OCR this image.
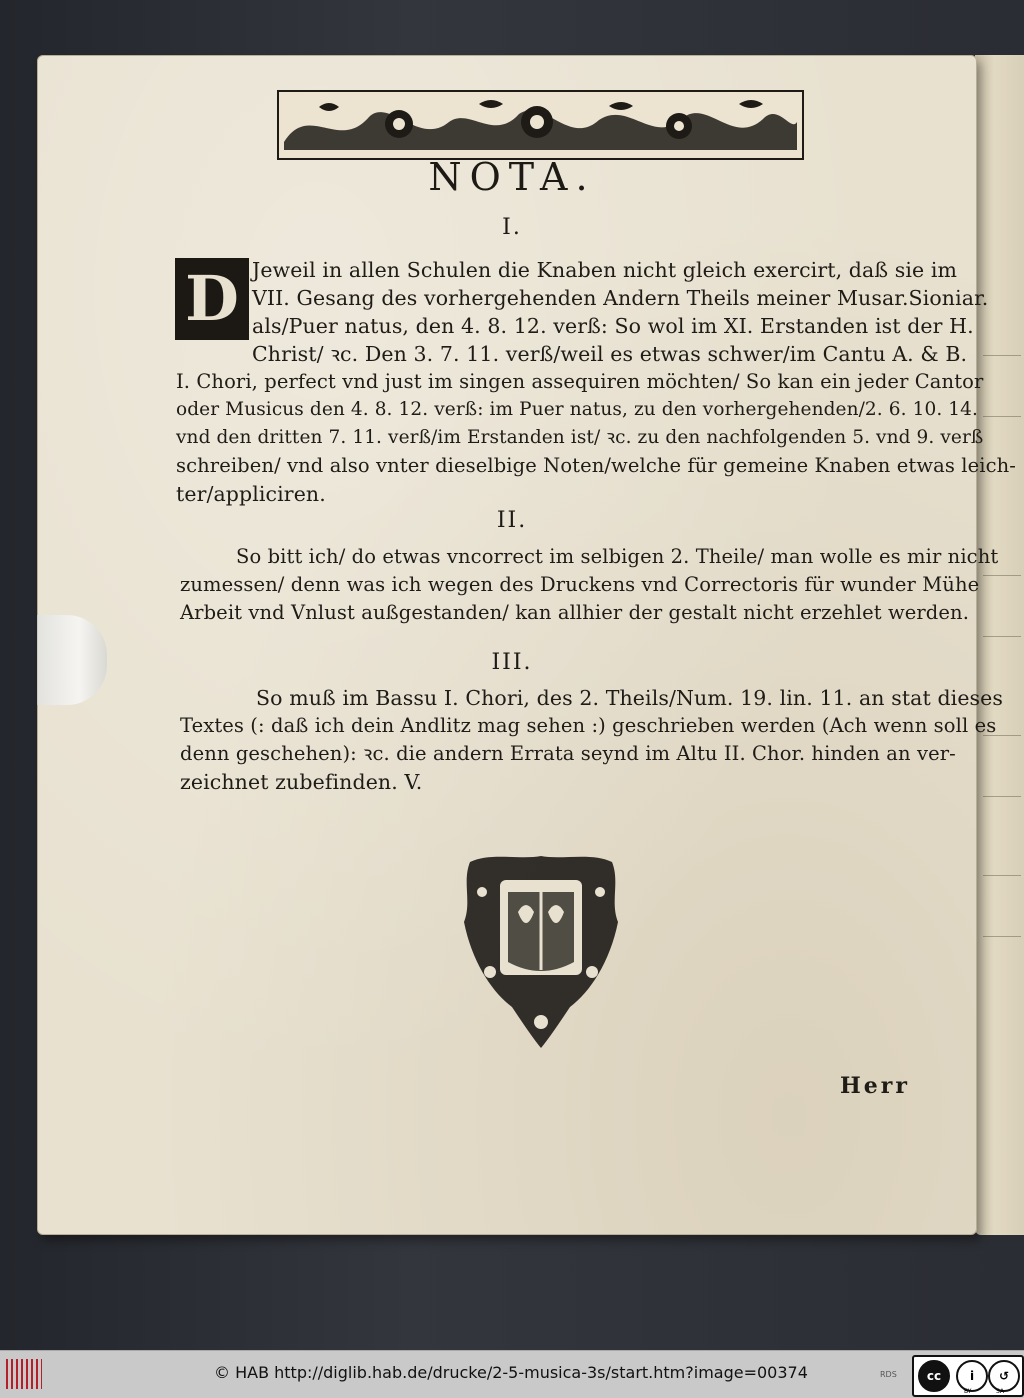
NOTA.
I.
D Jeweil in allen Schulen die Knaben nicht gleich exercirt, daß sie im
VII. Gesang des vorhergehenden Andern Theils meiner Musar.Sioniar.
als/Puer natus, den 4. 8. 12. verß: So wol im XI. Erstanden ist der H.
Christ/ ꝛc. Den 3. 7. 11. verß/weil es etwas schwer/im Cantu A. & B.
I. Chori, perfect vnd just im singen assequiren möchten/ So kan ein jeder Cantor
oder Musicus den 4. 8. 12. verß: im Puer natus, zu den vorhergehenden/2. 6. 10. 14.
vnd den dritten 7. 11. verß/im Erstanden ist/ ꝛc. zu den nachfolgenden 5. vnd 9. verß
schreiben/ vnd also vnter dieselbige Noten/welche für gemeine Knaben etwas leich-
ter/appliciren.
II.
So bitt ich/ do etwas vncorrect im selbigen 2. Theile/ man wolle es mir nicht
zumessen/ denn was ich wegen des Druckens vnd Correctoris für wunder Mühe
Arbeit vnd Vnlust außgestanden/ kan allhier der gestalt nicht erzehlet werden.
III.
So muß im Bassu I. Chori, des 2. Theils/Num. 19. lin. 11. an stat dieses
Textes (: daß ich dein Andlitz mag sehen :) geschrieben werden (Ach wenn soll es
denn geschehen): ꝛc. die andern Errata seynd im Altu II. Chor. hinden an ver-
zeichnet zubefinden. V.
Herr
© HAB http://diglib.hab.de/drucke/2-5-musica-3s/start.htm?image=00374	RDS	cc	i	↺
BY	SA
